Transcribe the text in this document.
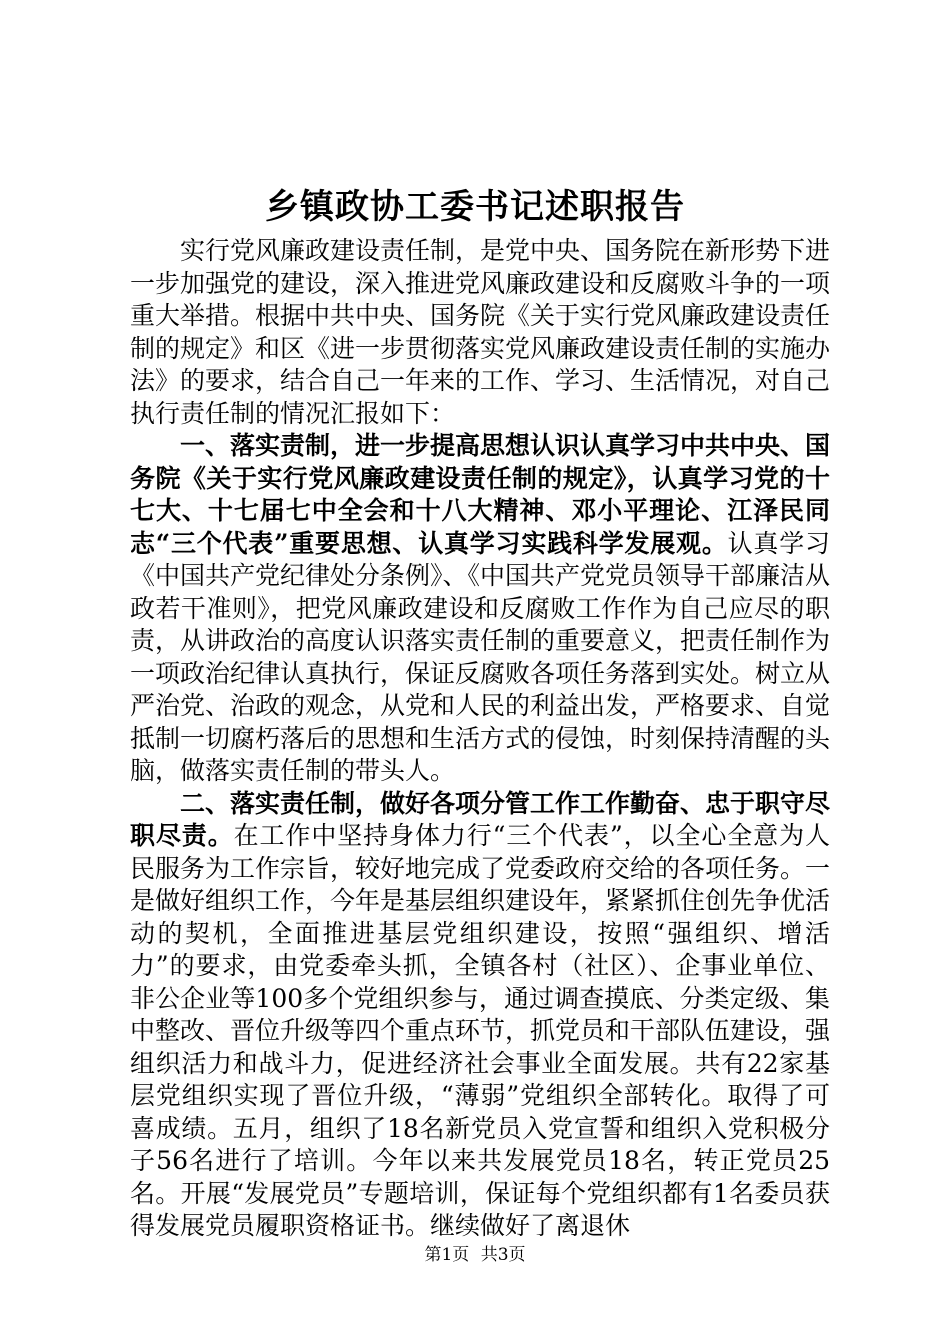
乡镇政协工委书记述职报告

实行党风廉政建设责任制，是党中央、国务院在新形势下进一步加强党的建设，深入推进党风廉政建设和反腐败斗争的一项重大举措。根据中共中央、国务院《关于实行党风廉政建设责任制的规定》和区《进一步贯彻落实党风廉政建设责任制的实施办法》的要求，结合自己一年来的工作、学习、生活情况，对自己执行责任制的情况汇报如下：

一、落实责制，进一步提高思想认识认真学习中共中央、国务院《关于实行党风廉政建设责任制的规定》，认真学习党的十七大、十七届七中全会和十八大精神、邓小平理论、江泽民同志“三个代表”重要思想、认真学习实践科学发展观。认真学习《中国共产党纪律处分条例》、《中国共产党党员领导干部廉洁从政若干准则》，把党风廉政建设和反腐败工作作为自己应尽的职责，从讲政治的高度认识落实责任制的重要意义，把责任制作为一项政治纪律认真执行，保证反腐败各项任务落到实处。树立从严治党、治政的观念，从党和人民的利益出发，严格要求、自觉抵制一切腐朽落后的思想和生活方式的侵蚀，时刻保持清醒的头脑，做落实责任制的带头人。

二、落实责任制，做好各项分管工作工作勤奋、忠于职守尽职尽责。在工作中坚持身体力行“三个代表”，以全心全意为人民服务为工作宗旨，较好地完成了党委政府交给的各项任务。一是做好组织工作，今年是基层组织建设年，紧紧抓住创先争优活动的契机，全面推进基层党组织建设，按照“强组织、增活力”的要求，由党委牵头抓，全镇各村（社区）、企事业单位、非公企业等100多个党组织参与，通过调查摸底、分类定级、集中整改、晋位升级等四个重点环节，抓党员和干部队伍建设，强组织活力和战斗力，促进经济社会事业全面发展。共有22家基层党组织实现了晋位升级，“薄弱”党组织全部转化。取得了可喜成绩。五月，组织了18名新党员入党宣誓和组织入党积极分子56名进行了培训。今年以来共发展党员18名，转正党员25名。开展“发展党员”专题培训，保证每个党组织都有1名委员获得发展党员履职资格证书。继续做好了离退休

第1页 共3页
